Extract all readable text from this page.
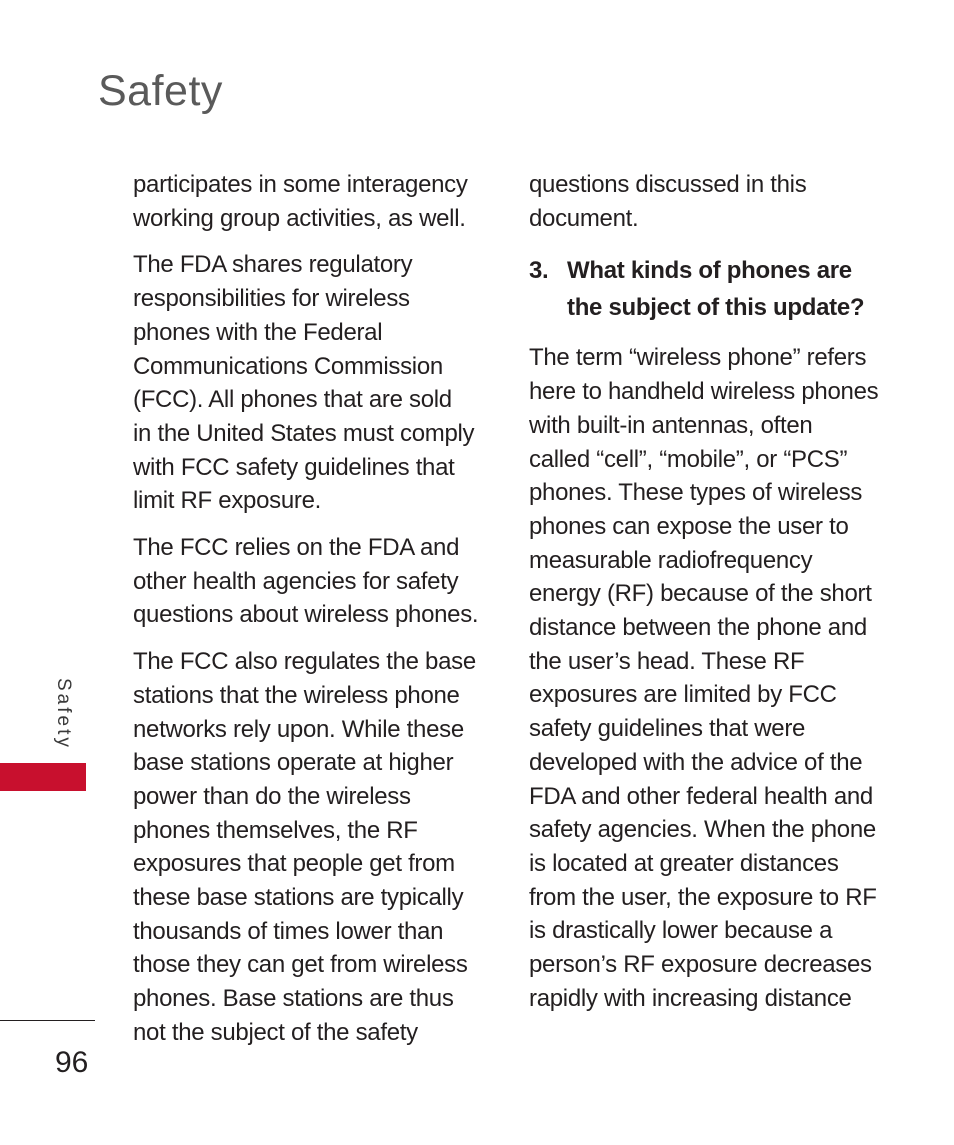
Safety

participates in some interagency
working group activities, as well.

The FDA shares regulatory
responsibilities for wireless
phones with the Federal
Communications Commission
(FCC). All phones that are sold
in the United States must comply
with FCC safety guidelines that
limit RF exposure.

The FCC relies on the FDA and
other health agencies for safety
questions about wireless phones.

The FCC also regulates the base
stations that the wireless phone
networks rely upon. While these
base stations operate at higher
power than do the wireless
phones themselves, the RF
exposures that people get from
these base stations are typically
thousands of times lower than
those they can get from wireless
phones. Base stations are thus
not the subject of the safety

questions discussed in this
document.

3. What kinds of phones are
the subject of this update?

The term “wireless phone” refers
here to handheld wireless phones
with built-in antennas, often
called “cell”, “mobile”, or “PCS”
phones. These types of wireless
phones can expose the user to
measurable radiofrequency
energy (RF) because of the short
distance between the phone and
the user’s head. These RF
exposures are limited by FCC
safety guidelines that were
developed with the advice of the
FDA and other federal health and
safety agencies. When the phone
is located at greater distances
from the user, the exposure to RF
is drastically lower because a
person’s RF exposure decreases
rapidly with increasing distance

Safety
96
